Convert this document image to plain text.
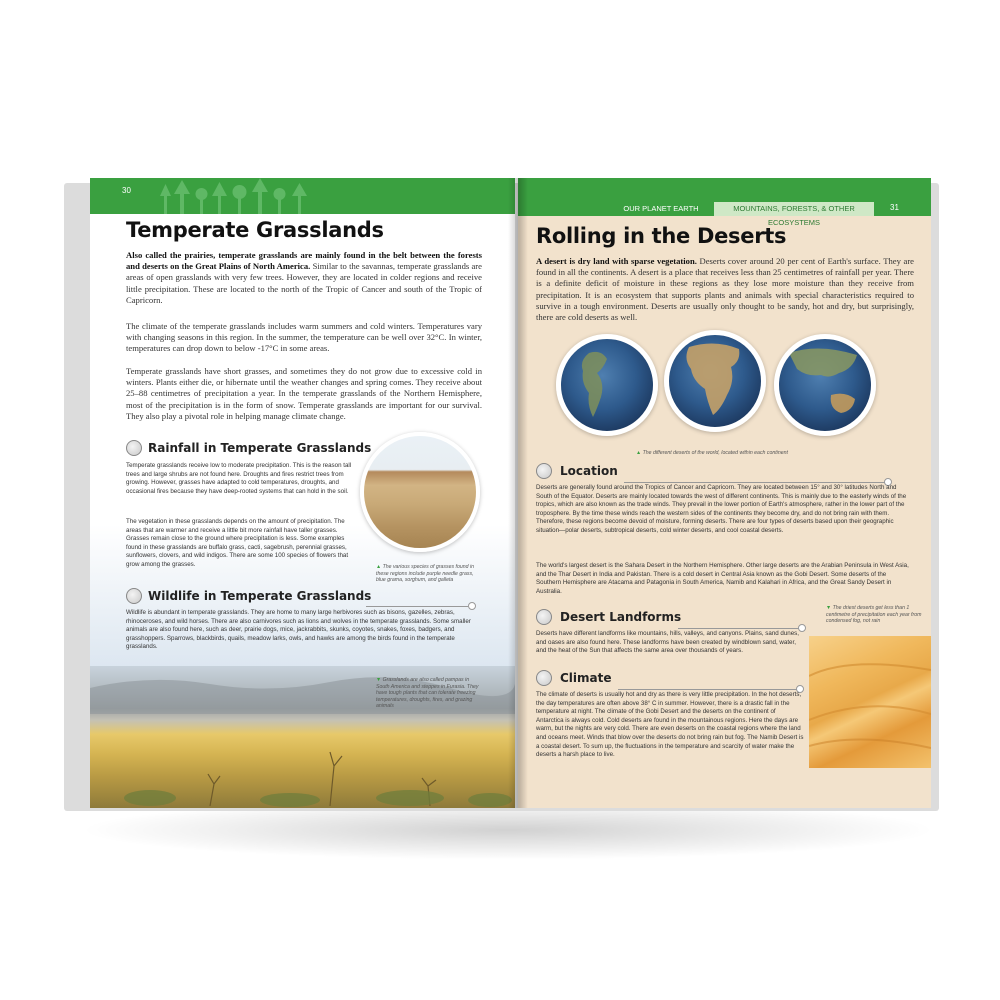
30
Temperate Grasslands

Also called the prairies, temperate grasslands are mainly found in the belt between the forests and deserts on the Great Plains of North America. Similar to the savannas, temperate grasslands are areas of open grasslands with very few trees. However, they are located in colder regions and receive little precipitation. These are located to the north of the Tropic of Cancer and south of the Tropic of Capricorn.

The climate of the temperate grasslands includes warm summers and cold winters. Temperatures vary with changing seasons in this region. In the summer, the temperature can be well over 32°C. In winter, temperatures can drop down to below -17°C in some areas.

Temperate grasslands have short grasses, and sometimes they do not grow due to excessive cold in winters. Plants either die, or hibernate until the weather changes and spring comes. They receive about 25–88 centimetres of precipitation a year. In the temperate grasslands of the Northern Hemisphere, most of the precipitation is in the form of snow. Temperate grasslands are important for our survival. They also play a pivotal role in helping manage climate change.

Rainfall in Temperate Grasslands

Temperate grasslands receive low to moderate precipitation. This is the reason tall trees and large shrubs are not found here. Droughts and fires restrict trees from growing. However, grasses have adapted to cold temperatures, droughts, and occasional fires because they have deep-rooted systems that can hold in the soil.

The vegetation in these grasslands depends on the amount of precipitation. The areas that are warmer and receive a little bit more rainfall have taller grasses. Grasses remain close to the ground where precipitation is less. Some examples found in these grasslands are buffalo grass, cacti, sagebrush, perennial grasses, sunflowers, clovers, and wild indigos. There are some 100 species of flowers that grow among the grasses.	▲ The various species of grasses found in these regions include purple needle grass, blue grama, sorghum, and galleta

Wildlife in Temperate Grasslands

Wildlife is abundant in temperate grasslands. They are home to many large herbivores such as bisons, gazelles, zebras, rhinoceroses, and wild horses. There are also carnivores such as lions and wolves in the temperate grasslands. Some smaller animals are also found here, such as deer, prairie dogs, mice, jackrabbits, skunks, coyotes, snakes, foxes, badgers, and grasshoppers. Sparrows, blackbirds, quails, meadow larks, owls, and hawks are among the birds found in the temperate grasslands.

▼ Grasslands are also called pampas in South America and steppes in Eurasia. They have tough plants that can tolerate freezing temperatures, droughts, fires, and grazing animals

OUR PLANET EARTH	MOUNTAINS, FORESTS, & OTHER ECOSYSTEMS
31
Rolling in the Deserts

A desert is dry land with sparse vegetation. Deserts cover around 20 per cent of Earth's surface. They are found in all the continents. A desert is a place that receives less than 25 centimetres of rainfall per year. There is a definite deficit of moisture in these regions as they lose more moisture than they receive from precipitation. It is an ecosystem that supports plants and animals with special characteristics required to survive in a tough environment. Deserts are usually only thought to be sandy, hot and dry, but surprisingly, there are cold deserts as well.

▲ The different deserts of the world, located within each continent

Location

Deserts are generally found around the Tropics of Cancer and Capricorn. They are located between 15° and 30° latitudes North and South of the Equator. Deserts are mainly located towards the west of different continents. This is mainly due to the easterly winds of the tropics, which are also known as the trade winds. They prevail in the lower portion of Earth's atmosphere, rather in the lower part of the troposphere. By the time these winds reach the western sides of the continents they become dry, and do not bring rain with them. Therefore, these regions become devoid of moisture, forming deserts. There are four types of deserts based upon their geographic situation—polar deserts, subtropical deserts, cold winter deserts, and cool coastal deserts.

The world's largest desert is the Sahara Desert in the Northern Hemisphere. Other large deserts are the Arabian Peninsula in West Asia, and the Thar Desert in India and Pakistan. There is a cold desert in Central Asia known as the Gobi Desert. Some deserts of the Southern Hemisphere are Atacama and Patagonia in South America, Namib and Kalahari in Africa, and the Great Sandy Desert in Australia.

▼ The driest deserts get less than 1 centimetre of precipitation each year from condensed fog, not rain

Desert Landforms

Deserts have different landforms like mountains, hills, valleys, and canyons. Plains, sand dunes, and oases are also found here. These landforms have been created by windblown sand, water, and the heat of the Sun that affects the same area over thousands of years.

Climate

The climate of deserts is usually hot and dry as there is very little precipitation. In the hot deserts, the day temperatures are often above 38° C in summer. However, there is a drastic fall in the temperature at night. The climate of the Gobi Desert and the deserts on the continent of Antarctica is always cold. Cold deserts are found in the mountainous regions. Here the days are warm, but the nights are very cold. There are even deserts on the coastal regions where the land and oceans meet. Winds that blow over the deserts do not bring rain but fog. The Namib Desert is a coastal desert. To sum up, the fluctuations in the temperature and scarcity of water make the deserts a harsh place to live.
